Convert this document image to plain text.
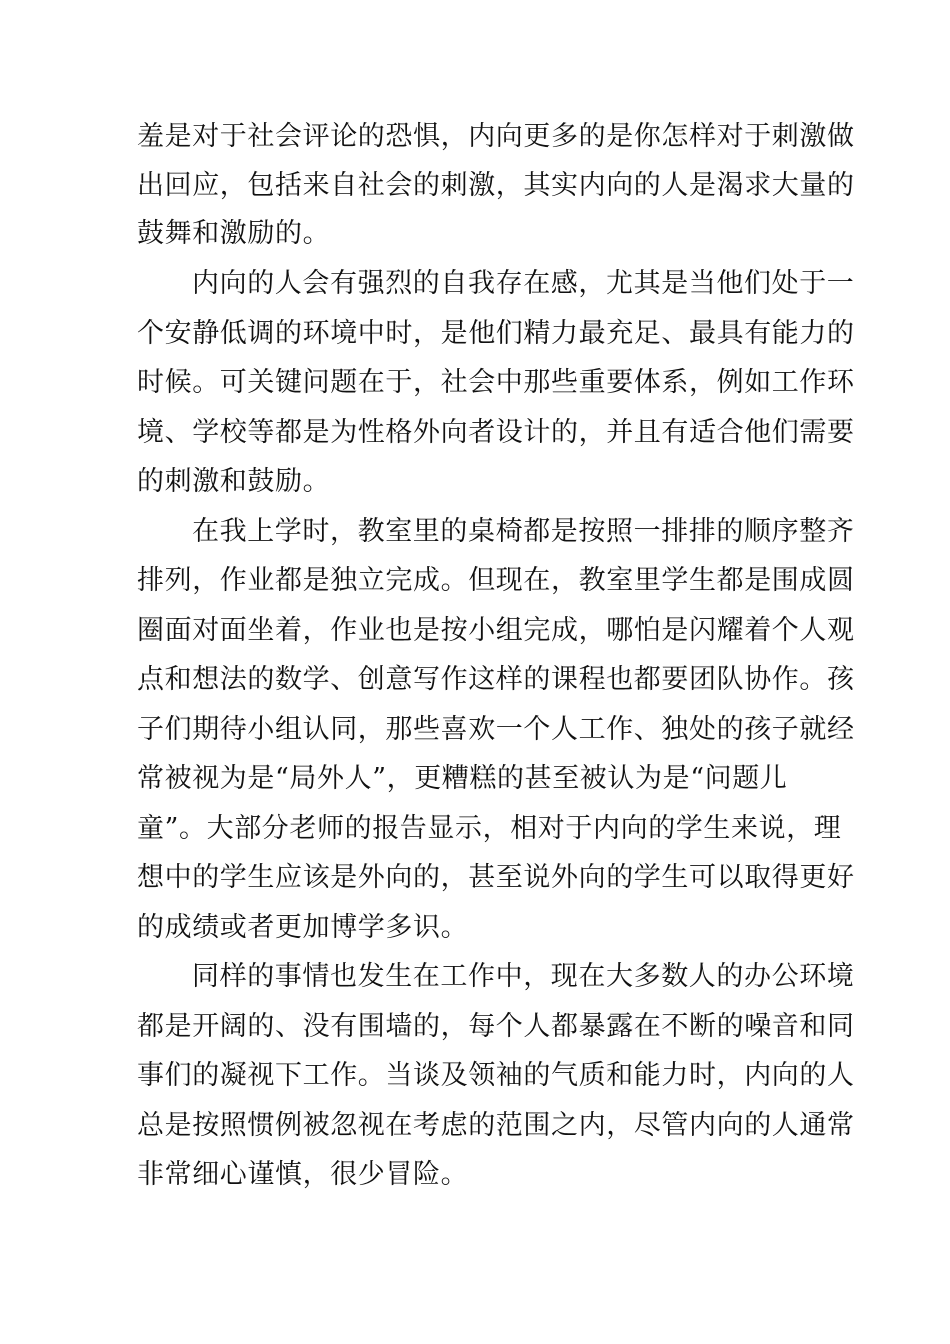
羞是对于社会评论的恐惧，内向更多的是你怎样对于刺激做

出回应，包括来自社会的刺激，其实内向的人是渴求大量的

鼓舞和激励的。

内向的人会有强烈的自我存在感，尤其是当他们处于一

个安静低调的环境中时，是他们精力最充足、最具有能力的

时候。可关键问题在于，社会中那些重要体系，例如工作环

境、学校等都是为性格外向者设计的，并且有适合他们需要

的刺激和鼓励。

在我上学时，教室里的桌椅都是按照一排排的顺序整齐

排列，作业都是独立完成。但现在，教室里学生都是围成圆

圈面对面坐着，作业也是按小组完成，哪怕是闪耀着个人观

点和想法的数学、创意写作这样的课程也都要团队协作。孩

子们期待小组认同，那些喜欢一个人工作、独处的孩子就经

常被视为是“局外人”，更糟糕的甚至被认为是“问题儿

童”。大部分老师的报告显示，相对于内向的学生来说，理

想中的学生应该是外向的，甚至说外向的学生可以取得更好

的成绩或者更加博学多识。

同样的事情也发生在工作中，现在大多数人的办公环境

都是开阔的、没有围墙的，每个人都暴露在不断的噪音和同

事们的凝视下工作。当谈及领袖的气质和能力时，内向的人

总是按照惯例被忽视在考虑的范围之内，尽管内向的人通常

非常细心谨慎，很少冒险。
